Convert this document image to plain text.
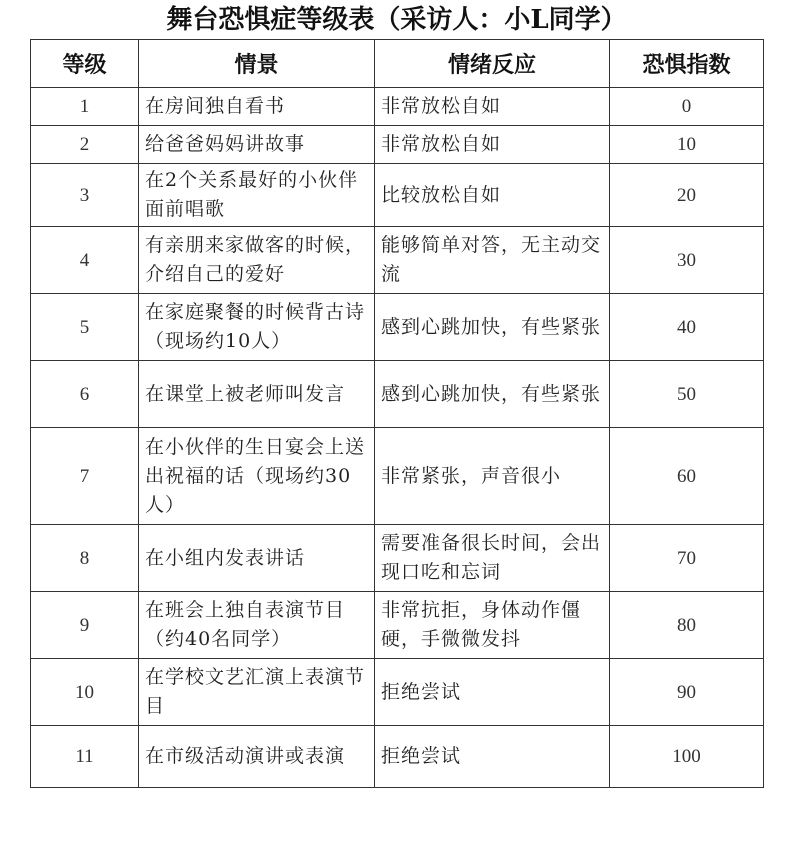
舞台恐惧症等级表（采访人：小L同学）
等级	情景	情绪反应	恐惧指数
1	在房间独自看书	非常放松自如	0
2	给爸爸妈妈讲故事	非常放松自如	10
3	在2个关系最好的小伙伴面前唱歌	比较放松自如	20
4	有亲朋来家做客的时候，介绍自己的爱好	能够简单对答，无主动交流	30
5	在家庭聚餐的时候背古诗（现场约10人）	感到心跳加快，有些紧张	40
6	在课堂上被老师叫发言	感到心跳加快，有些紧张	50
7	在小伙伴的生日宴会上送出祝福的话（现场约30人）	非常紧张，声音很小	60
8	在小组内发表讲话	需要准备很长时间，会出现口吃和忘词	70
9	在班会上独自表演节目（约40名同学）	非常抗拒，身体动作僵硬，手微微发抖	80
10	在学校文艺汇演上表演节目	拒绝尝试	90
11	在市级活动演讲或表演	拒绝尝试	100
